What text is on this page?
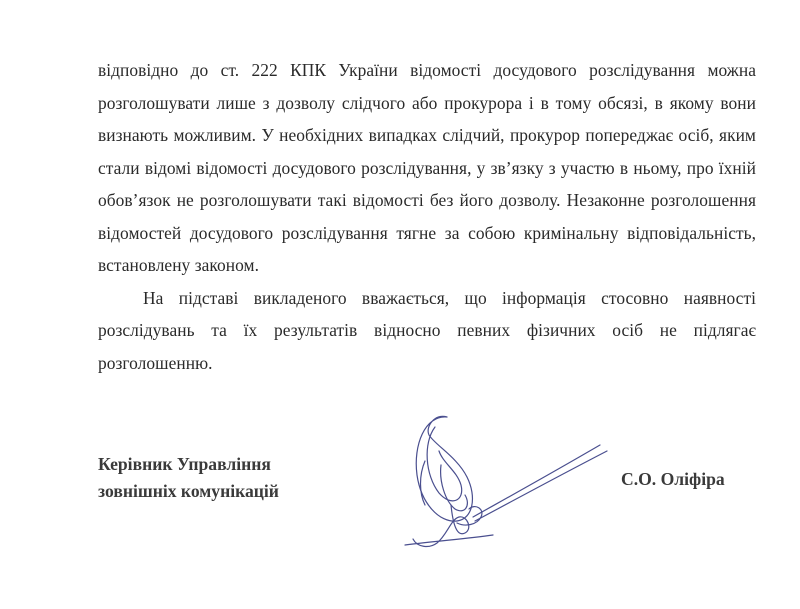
відповідно до ст. 222 КПК України відомості досудового розслідування можна розголошувати лише з дозволу слідчого або прокурора і в тому обсязі, в якому вони визнають можливим. У необхідних випадках слідчий, прокурор попереджає осіб, яким стали відомі відомості досудового розслідування, у зв’язку з участю в ньому, про їхній обов’язок не розголошувати такі відомості без його дозволу. Незаконне розголошення відомостей досудового розслідування тягне за собою кримінальну відповідальність, встановлену законом.

На підставі викладеного вважається, що інформація стосовно наявності розслідувань та їх результатів відносно певних фізичних осіб не підлягає розголошенню.

Керівник Управління
зовнішніх комунікацій
С.О. Оліфіра
